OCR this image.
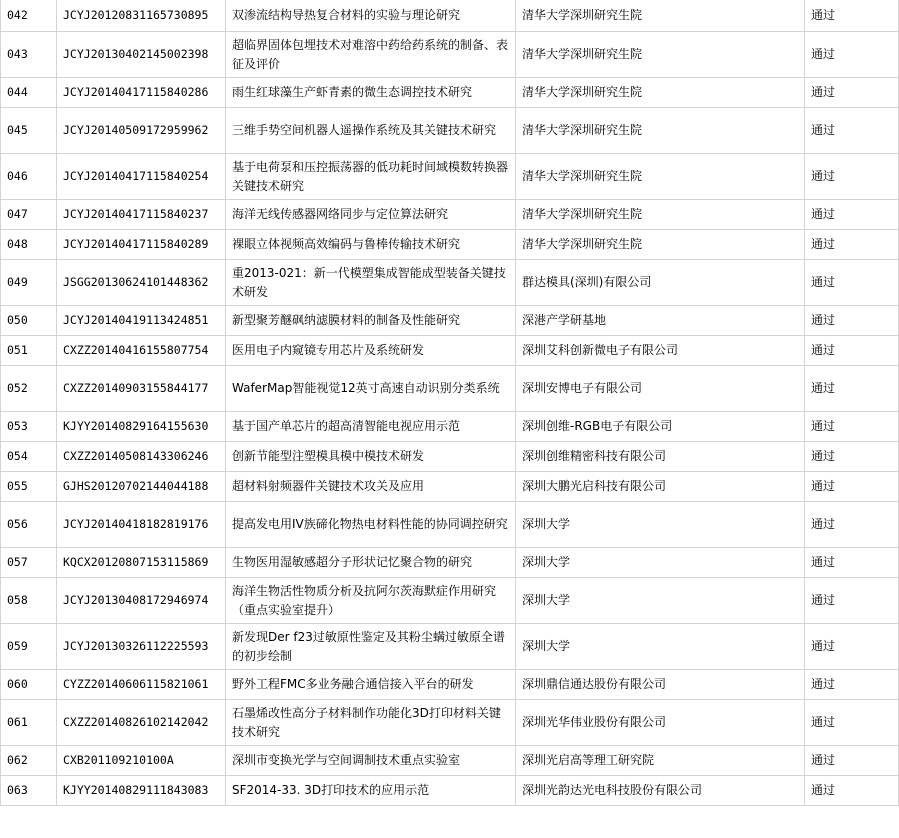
042	JCYJ20120831165730895	双渗流结构导热复合材料的实验与理论研究	清华大学深圳研究生院	通过
043	JCYJ20130402145002398	超临界固体包埋技术对难溶中药给药系统的制备、表征及评价	清华大学深圳研究生院	通过
044	JCYJ20140417115840286	雨生红球藻生产虾青素的微生态调控技术研究	清华大学深圳研究生院	通过
045	JCYJ20140509172959962	三维手势空间机器人遥操作系统及其关键技术研究	清华大学深圳研究生院	通过
046	JCYJ20140417115840254	基于电荷泵和压控振荡器的低功耗时间域模数转换器关键技术研究	清华大学深圳研究生院	通过
047	JCYJ20140417115840237	海洋无线传感器网络同步与定位算法研究	清华大学深圳研究生院	通过
048	JCYJ20140417115840289	裸眼立体视频高效编码与鲁棒传输技术研究	清华大学深圳研究生院	通过
049	JSGG20130624101448362	重2013-021：新一代模塑集成智能成型装备关键技术研发	群达模具(深圳)有限公司	通过
050	JCYJ20140419113424851	新型聚芳醚砜纳滤膜材料的制备及性能研究	深港产学研基地	通过
051	CXZZ20140416155807754	医用电子内窥镜专用芯片及系统研发	深圳艾科创新微电子有限公司	通过
052	CXZZ20140903155844177	WaferMap智能视觉12英寸高速自动识别分类系统	深圳安博电子有限公司	通过
053	KJYY20140829164155630	基于国产单芯片的超高清智能电视应用示范	深圳创维-RGB电子有限公司	通过
054	CXZZ20140508143306246	创新节能型注塑模具模中模技术研发	深圳创维精密科技有限公司	通过
055	GJHS20120702144044188	超材料射频器件关键技术攻关及应用	深圳大鹏光启科技有限公司	通过
056	JCYJ20140418182819176	提高发电用IV族碲化物热电材料性能的协同调控研究	深圳大学	通过
057	KQCX20120807153115869	生物医用湿敏感超分子形状记忆聚合物的研究	深圳大学	通过
058	JCYJ20130408172946974	海洋生物活性物质分析及抗阿尔茨海默症作用研究（重点实验室提升）	深圳大学	通过
059	JCYJ20130326112225593	新发现Der f23过敏原性鉴定及其粉尘螨过敏原全谱的初步绘制	深圳大学	通过
060	CYZZ20140606115821061	野外工程FMC多业务融合通信接入平台的研发	深圳鼎信通达股份有限公司	通过
061	CXZZ20140826102142042	石墨烯改性高分子材料制作功能化3D打印材料关键技术研究	深圳光华伟业股份有限公司	通过
062	CXB201109210100A	深圳市变换光学与空间调制技术重点实验室	深圳光启高等理工研究院	通过
063	KJYY20140829111843083	SF2014-33. 3D打印技术的应用示范	深圳光韵达光电科技股份有限公司	通过
